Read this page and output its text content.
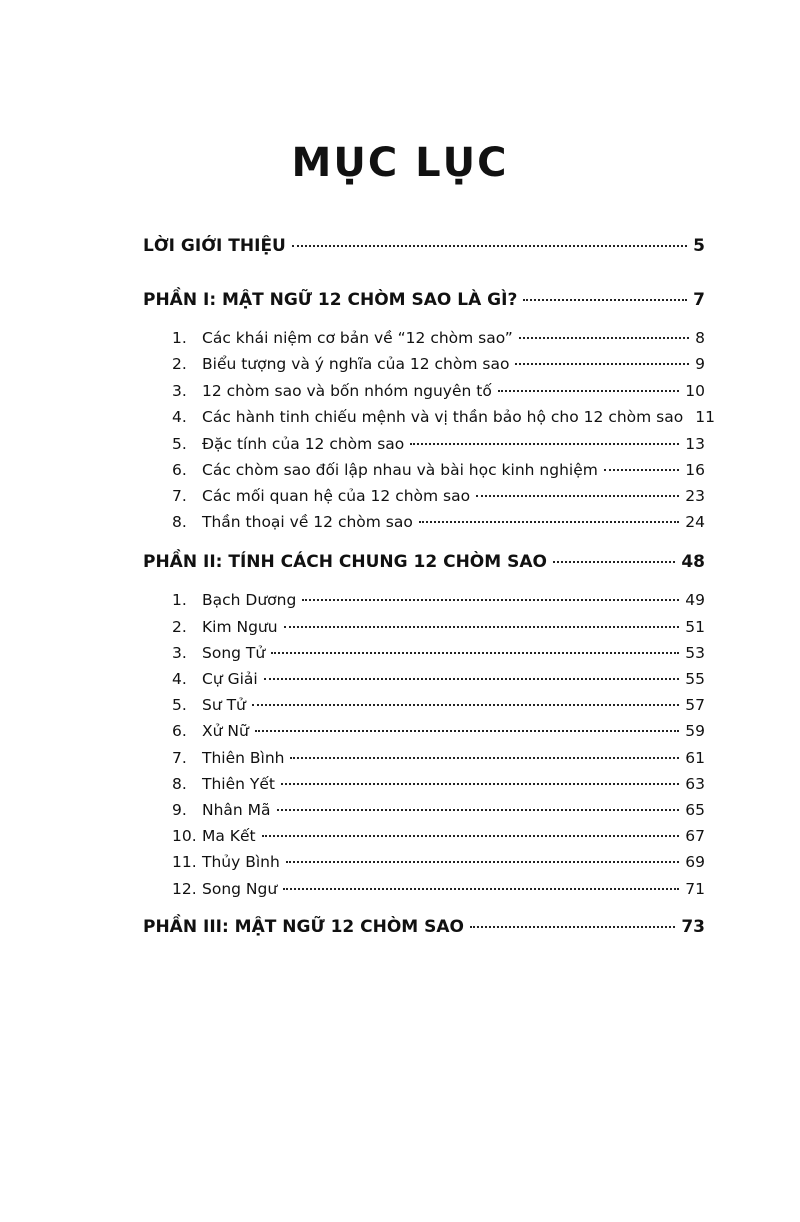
MỤC LỤC
LỜI GIỚI THIỆU	5
PHẦN I: MẬT NGỮ 12 CHÒM SAO LÀ GÌ?	7
1. Các khái niệm cơ bản về “12 chòm sao”	8
2. Biểu tượng và ý nghĩa của 12 chòm sao	9
3. 12 chòm sao và bốn nhóm nguyên tố	10
4. Các hành tinh chiếu mệnh và vị thần bảo hộ cho 12 chòm sao 11
5. Đặc tính của 12 chòm sao	13
6. Các chòm sao đối lập nhau và bài học kinh nghiệm	16
7. Các mối quan hệ của 12 chòm sao	23
8. Thần thoại về 12 chòm sao	24
PHẦN II: TÍNH CÁCH CHUNG 12 CHÒM SAO	48
1. Bạch Dương	49
2. Kim Ngưu	51
3. Song Tử	53
4. Cự Giải	55
5. Sư Tử	57
6. Xử Nữ	59
7. Thiên Bình	61
8. Thiên Yết	63
9. Nhân Mã	65
10. Ma Kết	67
11. Thủy Bình	69
12. Song Ngư	71
PHẦN III: MẬT NGỮ 12 CHÒM SAO	73
